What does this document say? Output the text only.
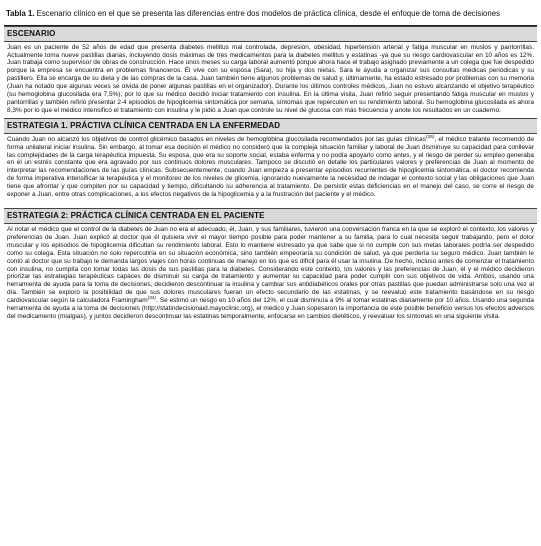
Tabla 1. Escenario clínico en el que se presenta las diferencias entre dos modelos de práctica clínica, desde el enfoque de toma de decisiones
ESCENARIO
Juan es un paciente de 52 años de edad que presenta diabetes mellitus mal controlada, depresión, obesidad, hipertensión arterial y fatiga muscular en muslos y pantorrillas. Actualmente toma nueve pastillas diarias, incluyendo dosis máximas de tres medicamentos para la diabetes mellitus y estatinas -ya que su riesgo cardiovascular en 10 años es 12%. Juan trabaja como supervisor de obras de construcción. Hace unos meses su carga laboral aumentó porque ahora hace el trabajo asignado previamente a un colega que fue despedido porque la empresa se encuentra en problemas financieros. Él vive con su esposa (Sara), su hija y dos nietas. Sara le ayuda a organizar sus consultas médicas periódicas y su pastillero. Ella se encarga de su dieta y de las compras de la casa. Juan también tiene algunos problemas de salud y, últimamente, ha estado estresado por problemas con su memoria (Juan ha notado que algunas veces se olvida de poner algunas pastillas en el organizador). Durante los últimos controles médicos, Juan no estuvo alcanzando el objetivo terapéutico (su hemoglobina glucosilada era 7,5%), por lo que su médico decidió iniciar tratamiento con insulina. En la última visita, Juan refirió seguir presentando fatiga muscular en muslos y pantorrillas y también refirió presentar 2-4 episodios de hipoglicemia sintomática por semana, síntomas que repercuten en su rendimiento laboral. Su hemoglobina glucosilada es ahora 8,3% por lo que el médico intensificó el tratamiento con insulina y le pidió a Juan que controle su nivel de glucosa con más frecuencia y anote los resultados en un cuaderno.
ESTRATEGIA 1. PRÁCTIVA CLÍNICA CENTRADA EN LA ENFERMEDAD
Cuando Juan no alcanzó los objetivos de control glicémico basados en niveles de hemoglobina glucosilada recomendados por las guías clínicas$^{(26)}$, el médico tratante recomendó de forma unilateral iniciar insulina. Sin embargo, al tomar esa decisión el médico no consideró que la compleja situación familiar y laboral de Juan disminuye su capacidad para conllevar las complejidades de la carga terapéutica impuesta. Su esposa, que era su soporte social, estaba enferma y no podía apoyarlo como antes, y el riesgo de perder su empleo generaba en él un estrés constante que era agravado por sus continuos dolores musculares. Tampoco se discutió en detalle los particulares valores y preferencias de Juan al momento de interpretar las recomendaciones de las guías clínicas. Subsecuentemente, cuando Juan empieza a presentar episodios recurrentes de hipoglicemia sintomática, el doctor recomienda de forma imperativa intensificar la terapéutica y el monitoreo de los niveles de glicemia, ignorando nuevamente la necesidad de indagar el contexto social y las obligaciones que Juan tiene que afrontar y que compiten por su capacidad y tiempo, dificultando su adherencia al tratamiento. De persistir estas deficiencias en el manejo del caso, se corre el riesgo de exponer a Juan, entre otras complicaciones, a los efectos negativos de la hipoglicemia y a la frustración del paciente y el médico.
ESTRATEGIA 2: PRÁCTICA CLÍNICA CENTRADA EN EL PACIENTE
Al notar el médico que el control de la diabetes de Juan no era el adecuado, él, Juan, y sus familiares, tuvieron una conversación franca en la que se exploró el contexto, los valores y preferencias de Juan. Juan explicó al doctor que él quisiera vivir el mayor tiempo posible para poder mantener a su familia, para lo cual necesita seguir trabajando, pero el dolor muscular y los episodios de hipoglicemia dificultan su rendimiento laboral. Esto lo mantiene estresado ya que sabe que si no cumple con sus metas laborales podría ser despedido como su colega. Esta situación no solo repercutiría en su situación económica, sino también empeoraría su condición de salud, ya que perdería su seguro médico. Juan también le contó al doctor que su trabajo le demanda largos viajes con horas continuas de manejo en los que es difícil para él usar la insulina. De hecho, incluso antes de comenzar el tratamiento con insulina, no cumplía con tomar todas las dosis de sus pastillas para la diabetes. Considerando este contexto, los valores y las preferencias de Juan, él y el médico decidieron priorizar las estrategias terapéuticas capaces de disminuir su carga de tratamiento y aumentar su capacidad para poder cumplir con sus objetivos de vida. Ambos, usando una herramienta de ayuda para la toma de decisiones, decidieron descontinuar la insulina y cambiar sus antidiabéticos orales por otras pastillas que puedan administrarse solo una vez al día. También se exploró la posibilidad de que sus dolores musculares fueran un efecto secundario de las estatinas, y se reevaluó este tratamiento basándose en su riesgo cardiovascular según la calculadora Framingham$^{(34)}$. Se estimó un riesgo en 10 años del 12%, el cual disminuía a 9% al tomar estatinas diariamente por 10 años. Usando una segunda herramienta de ayuda a la toma de decisiones (http://statindecisionaid.mayoclinic.org), el médico y Juan sopesaron la importancia de este posible beneficio versus los efectos adversos del medicamento (mialgias), y juntos decidieron descontinuar las estatinas temporalmente, enfocarse en cambios dietéticos, y reevaluar los síntomas en una siguiente visita.
